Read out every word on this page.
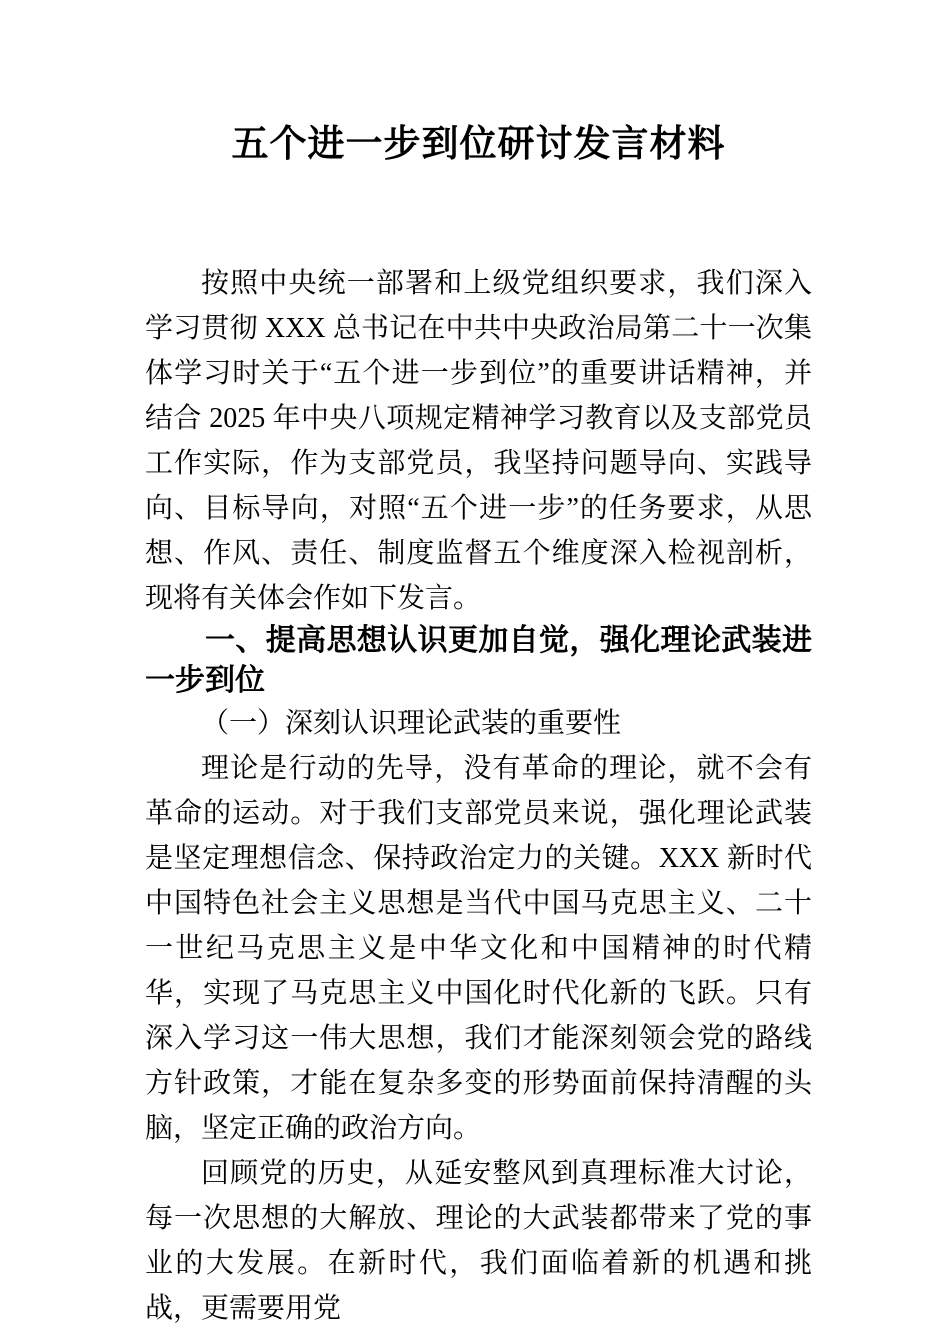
五个进一步到位研讨发言材料

按照中央统一部署和上级党组织要求，我们深入学习贯彻 XXX 总书记在中共中央政治局第二十一次集体学习时关于“五个进一步到位”的重要讲话精神，并结合 2025 年中央八项规定精神学习教育以及支部党员工作实际，作为支部党员，我坚持问题导向、实践导向、目标导向，对照“五个进一步”的任务要求，从思想、作风、责任、制度监督五个维度深入检视剖析，现将有关体会作如下发言。

一、提高思想认识更加自觉，强化理论武装进一步到位
（一）深刻认识理论武装的重要性

理论是行动的先导，没有革命的理论，就不会有革命的运动。对于我们支部党员来说，强化理论武装是坚定理想信念、保持政治定力的关键。XXX 新时代中国特色社会主义思想是当代中国马克思主义、二十一世纪马克思主义是中华文化和中国精神的时代精华，实现了马克思主义中国化时代化新的飞跃。只有深入学习这一伟大思想，我们才能深刻领会党的路线方针政策，才能在复杂多变的形势面前保持清醒的头脑，坚定正确的政治方向。

回顾党的历史，从延安整风到真理标准大讨论，每一次思想的大解放、理论的大武装都带来了党的事业的大发展。在新时代，我们面临着新的机遇和挑战，更需要用党
